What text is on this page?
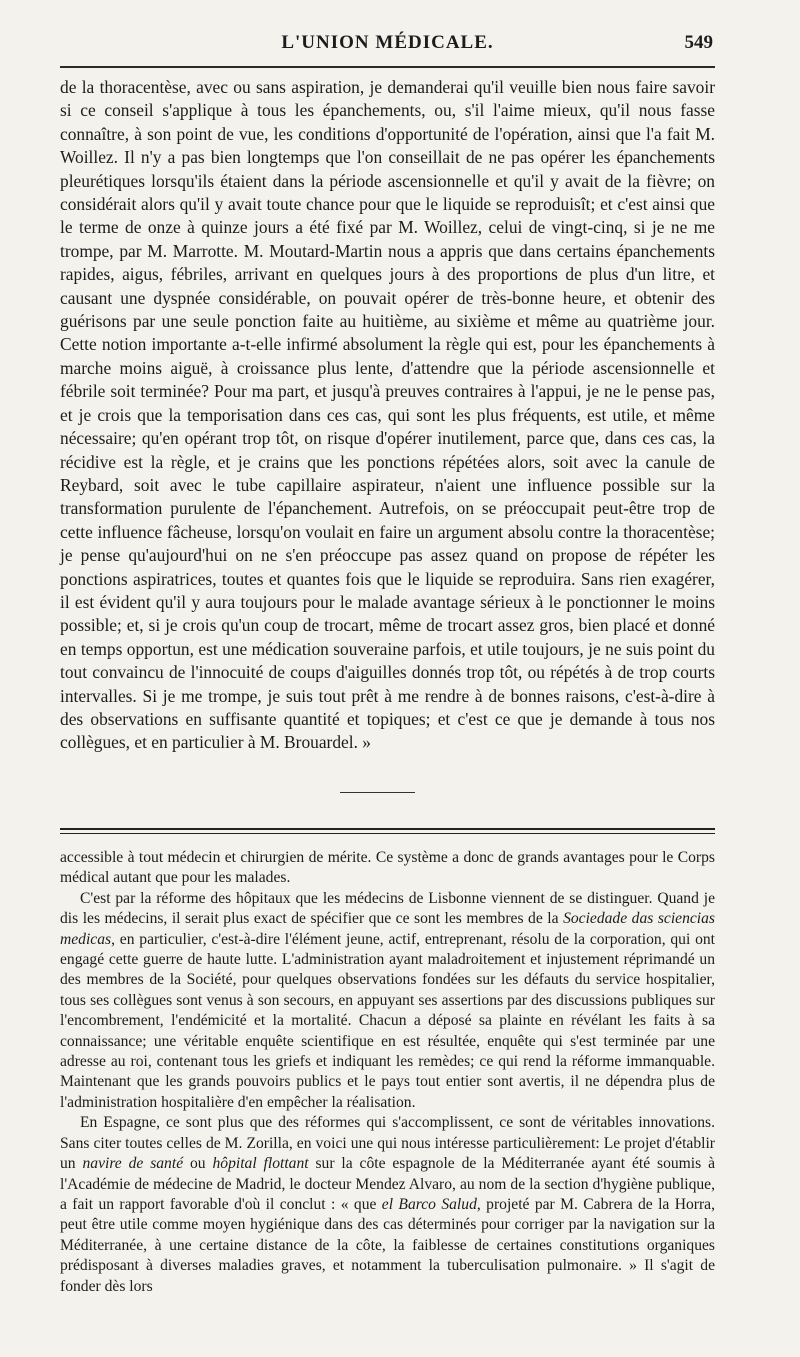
L'UNION MÉDICALE.	549

de la thoracentèse, avec ou sans aspiration, je demanderai qu'il veuille bien nous faire savoir si ce conseil s'applique à tous les épanchements, ou, s'il l'aime mieux, qu'il nous fasse connaître, à son point de vue, les conditions d'opportunité de l'opération, ainsi que l'a fait M. Woillez. Il n'y a pas bien longtemps que l'on conseillait de ne pas opérer les épanchements pleurétiques lorsqu'ils étaient dans la période ascensionnelle et qu'il y avait de la fièvre; on considérait alors qu'il y avait toute chance pour que le liquide se reproduisît; et c'est ainsi que le terme de onze à quinze jours a été fixé par M. Woillez, celui de vingt-cinq, si je ne me trompe, par M. Marrotte. M. Moutard-Martin nous a appris que dans certains épanchements rapides, aigus, fébriles, arrivant en quelques jours à des proportions de plus d'un litre, et causant une dyspnée considérable, on pouvait opérer de très-bonne heure, et obtenir des guérisons par une seule ponction faite au huitième, au sixième et même au quatrième jour. Cette notion importante a-t-elle infirmé absolument la règle qui est, pour les épanchements à marche moins aiguë, à croissance plus lente, d'attendre que la période ascensionnelle et fébrile soit terminée? Pour ma part, et jusqu'à preuves contraires à l'appui, je ne le pense pas, et je crois que la temporisation dans ces cas, qui sont les plus fréquents, est utile, et même nécessaire; qu'en opérant trop tôt, on risque d'opérer inutilement, parce que, dans ces cas, la récidive est la règle, et je crains que les ponctions répétées alors, soit avec la canule de Reybard, soit avec le tube capillaire aspirateur, n'aient une influence possible sur la transformation purulente de l'épanchement. Autrefois, on se préoccupait peut-être trop de cette influence fâcheuse, lorsqu'on voulait en faire un argument absolu contre la thoracentèse; je pense qu'aujourd'hui on ne s'en préoccupe pas assez quand on propose de répéter les ponctions aspiratrices, toutes et quantes fois que le liquide se reproduira. Sans rien exagérer, il est évident qu'il y aura toujours pour le malade avantage sérieux à le ponctionner le moins possible; et, si je crois qu'un coup de trocart, même de trocart assez gros, bien placé et donné en temps opportun, est une médication souveraine parfois, et utile toujours, je ne suis point du tout convaincu de l'innocuité de coups d'aiguilles donnés trop tôt, ou répétés à de trop courts intervalles. Si je me trompe, je suis tout prêt à me rendre à de bonnes raisons, c'est-à-dire à des observations en suffisante quantité et topiques; et c'est ce que je demande à tous nos collègues, et en particulier à M. Brouardel. »

accessible à tout médecin et chirurgien de mérite. Ce système a donc de grands avantages pour le Corps médical autant que pour les malades.

C'est par la réforme des hôpitaux que les médecins de Lisbonne viennent de se distinguer. Quand je dis les médecins, il serait plus exact de spécifier que ce sont les membres de la Sociedade das sciencias medicas, en particulier, c'est-à-dire l'élément jeune, actif, entreprenant, résolu de la corporation, qui ont engagé cette guerre de haute lutte. L'administration ayant maladroitement et injustement réprimandé un des membres de la Société, pour quelques observations fondées sur les défauts du service hospitalier, tous ses collègues sont venus à son secours, en appuyant ses assertions par des discussions publiques sur l'encombrement, l'endémicité et la mortalité. Chacun a déposé sa plainte en révélant les faits à sa connaissance; une véritable enquête scientifique en est résultée, enquête qui s'est terminée par une adresse au roi, contenant tous les griefs et indiquant les remèdes; ce qui rend la réforme immanquable. Maintenant que les grands pouvoirs publics et le pays tout entier sont avertis, il ne dépendra plus de l'administration hospitalière d'en empêcher la réalisation.

En Espagne, ce sont plus que des réformes qui s'accomplissent, ce sont de véritables innovations. Sans citer toutes celles de M. Zorilla, en voici une qui nous intéresse particulièrement: Le projet d'établir un navire de santé ou hôpital flottant sur la côte espagnole de la Méditerranée ayant été soumis à l'Académie de médecine de Madrid, le docteur Mendez Alvaro, au nom de la section d'hygiène publique, a fait un rapport favorable d'où il conclut : « que el Barco Salud, projeté par M. Cabrera de la Horra, peut être utile comme moyen hygiénique dans des cas déterminés pour corriger par la navigation sur la Méditerranée, à une certaine distance de la côte, la faiblesse de certaines constitutions organiques prédisposant à diverses maladies graves, et notamment la tuberculisation pulmonaire. » Il s'agit de fonder dès lors
